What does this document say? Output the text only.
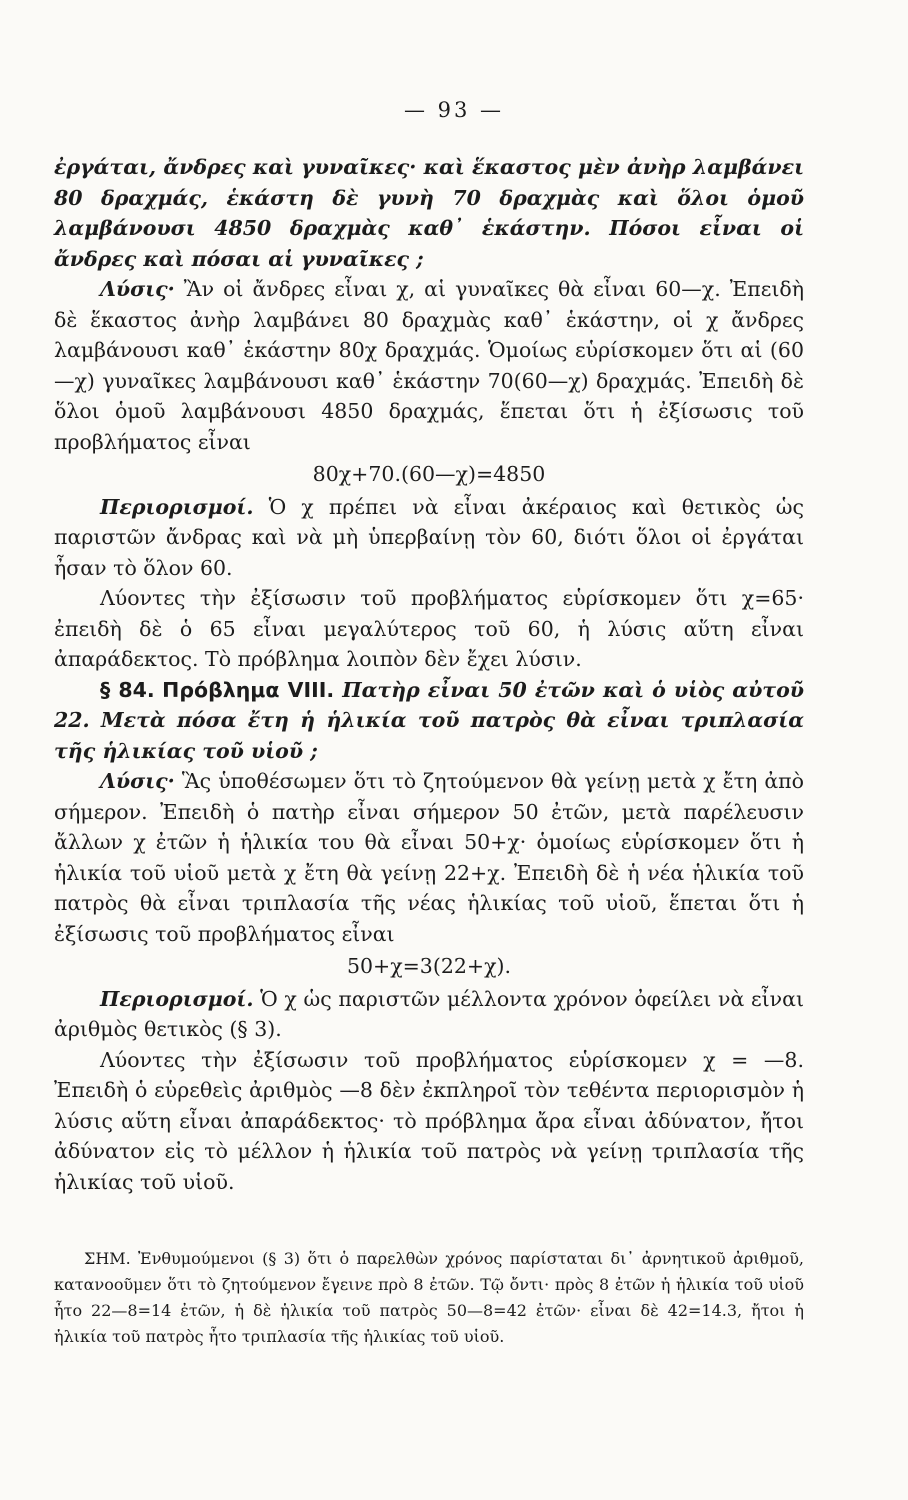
— 93 —

ἐργάται, ἄνδρες καὶ γυναῖκες· καὶ ἕκαστος μὲν ἀνὴρ λαμβάνει 80 δραχμάς, ἑκάστη δὲ γυνὴ 70 δραχμὰς καὶ ὅλοι ὁμοῦ λαμβάνουσι 4850 δραχμὰς καθ᾽ ἑκάστην. Πόσοι εἶναι οἱ ἄνδρες καὶ πόσαι αἱ γυναῖκες ;

Λύσις· Ἂν οἱ ἄνδρες εἶναι χ, αἱ γυναῖκες θὰ εἶναι 60—χ. Ἐπειδὴ δὲ ἕκαστος ἀνὴρ λαμβάνει 80 δραχμὰς καθ᾽ ἑκάστην, οἱ χ ἄνδρες λαμβάνουσι καθ᾽ ἑκάστην 80χ δραχμάς. Ὁμοίως εὑρίσκομεν ὅτι αἱ (60—χ) γυναῖκες λαμβάνουσι καθ᾽ ἑκάστην 70(60—χ) δραχμάς. Ἐπειδὴ δὲ ὅλοι ὁμοῦ λαμβάνουσι 4850 δραχμάς, ἕπεται ὅτι ἡ ἐξίσωσις τοῦ προβλήματος εἶναι

80χ+70.(60—χ)=4850

Περιορισμοί. Ὁ χ πρέπει νὰ εἶναι ἀκέραιος καὶ θετικὸς ὡς παριστῶν ἄνδρας καὶ νὰ μὴ ὑπερβαίνῃ τὸν 60, διότι ὅλοι οἱ ἐργάται ἦσαν τὸ ὅλον 60.

Λύοντες τὴν ἐξίσωσιν τοῦ προβλήματος εὑρίσκομεν ὅτι χ=65· ἐπειδὴ δὲ ὁ 65 εἶναι μεγαλύτερος τοῦ 60, ἡ λύσις αὕτη εἶναι ἀπαράδεκτος. Τὸ πρόβλημα λοιπὸν δὲν ἔχει λύσιν.

§ 84. Πρόβλημα VIII. Πατὴρ εἶναι 50 ἐτῶν καὶ ὁ υἱὸς αὐτοῦ 22. Μετὰ πόσα ἔτη ἡ ἡλικία τοῦ πατρὸς θὰ εἶναι τριπλασία τῆς ἡλικίας τοῦ υἱοῦ ;

Λύσις· Ἃς ὑποθέσωμεν ὅτι τὸ ζητούμενον θὰ γείνῃ μετὰ χ ἔτη ἀπὸ σήμερον. Ἐπειδὴ ὁ πατὴρ εἶναι σήμερον 50 ἐτῶν, μετὰ παρέλευσιν ἄλλων χ ἐτῶν ἡ ἡλικία του θὰ εἶναι 50+χ· ὁμοίως εὑρίσκομεν ὅτι ἡ ἡλικία τοῦ υἱοῦ μετὰ χ ἔτη θὰ γείνῃ 22+χ. Ἐπειδὴ δὲ ἡ νέα ἡλικία τοῦ πατρὸς θὰ εἶναι τριπλασία τῆς νέας ἡλικίας τοῦ υἱοῦ, ἕπεται ὅτι ἡ ἐξίσωσις τοῦ προβλήματος εἶναι

50+χ=3(22+χ).

Περιορισμοί. Ὁ χ ὡς παριστῶν μέλλοντα χρόνον ὀφείλει νὰ εἶναι ἀριθμὸς θετικὸς (§ 3).

Λύοντες τὴν ἐξίσωσιν τοῦ προβλήματος εὑρίσκομεν χ = —8. Ἐπειδὴ ὁ εὑρεθεὶς ἀριθμὸς —8 δὲν ἐκπληροῖ τὸν τεθέντα περιορισμὸν ἡ λύσις αὕτη εἶναι ἀπαράδεκτος· τὸ πρόβλημα ἄρα εἶναι ἀδύνατον, ἤτοι ἀδύνατον εἰς τὸ μέλλον ἡ ἡλικία τοῦ πατρὸς νὰ γείνῃ τριπλασία τῆς ἡλικίας τοῦ υἱοῦ.

ΣΗΜ. Ἐνθυμούμενοι (§ 3) ὅτι ὁ παρελθὼν χρόνος παρίσταται δι᾽ ἀρνητικοῦ ἀριθμοῦ, κατανοοῦμεν ὅτι τὸ ζητούμενον ἔγεινε πρὸ 8 ἐτῶν. Τῷ ὄντι· πρὸς 8 ἐτῶν ἡ ἡλικία τοῦ υἱοῦ ἦτο 22—8=14 ἐτῶν, ἡ δὲ ἡλικία τοῦ πατρὸς 50—8=42 ἐτῶν· εἶναι δὲ 42=14.3, ἤτοι ἡ ἡλικία τοῦ πατρὸς ἦτο τριπλασία τῆς ἡλικίας τοῦ υἱοῦ.
